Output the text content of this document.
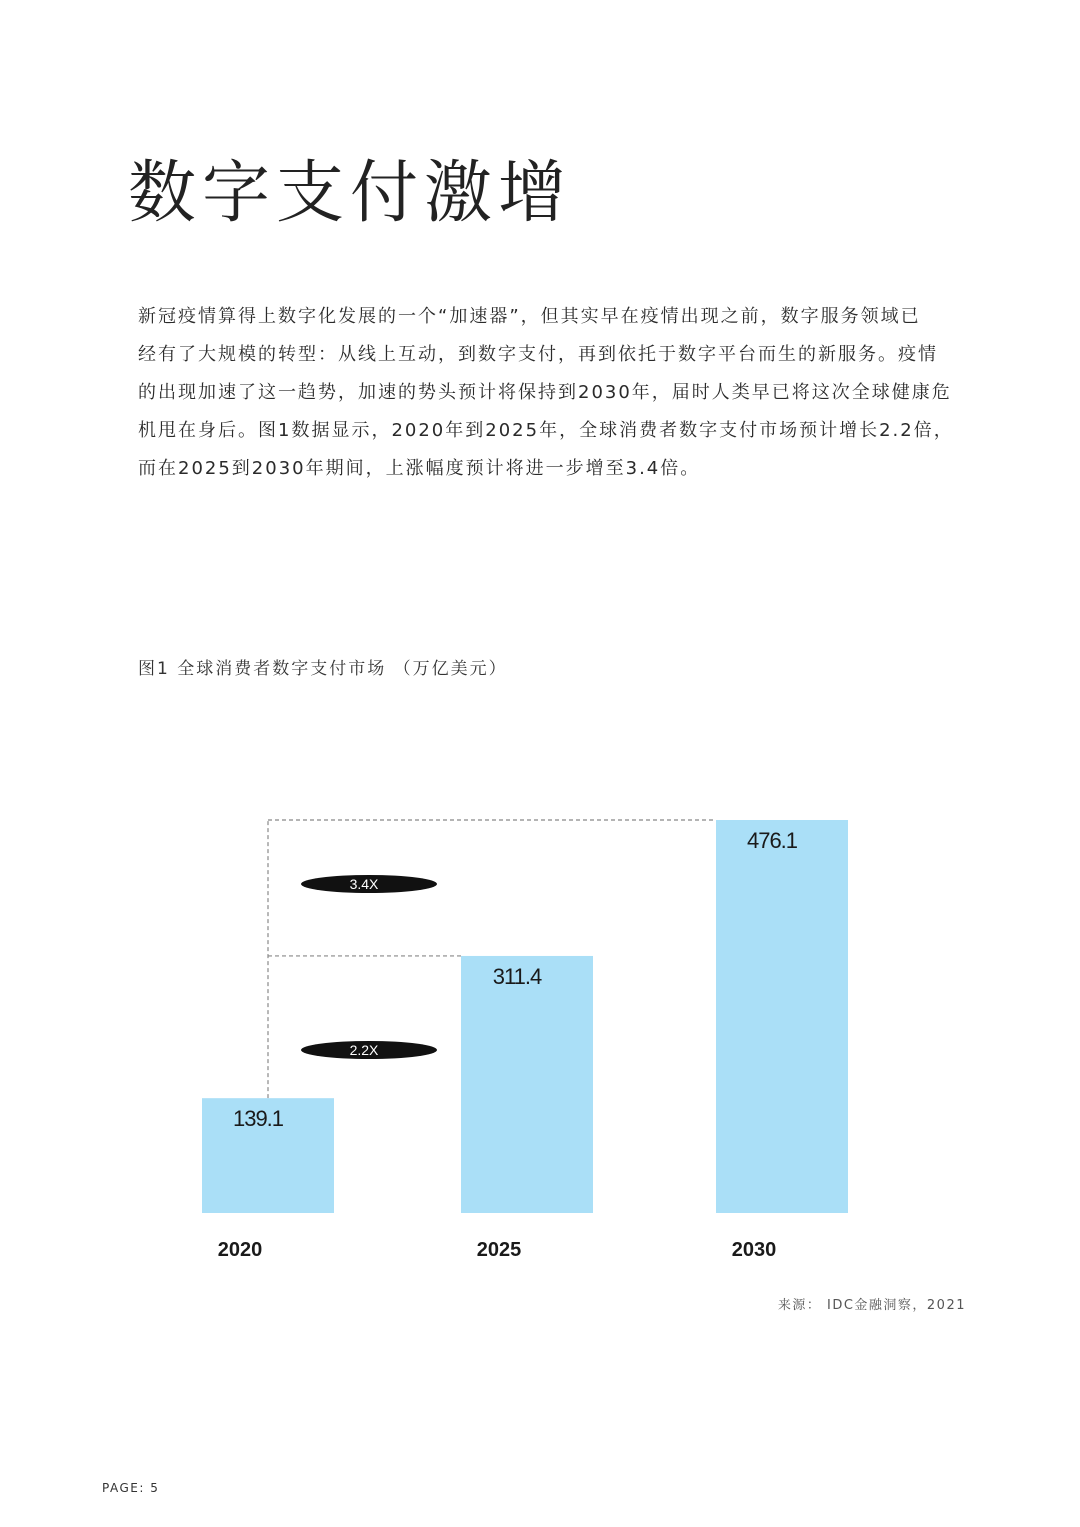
数字支付激增

新冠疫情算得上数字化发展的一个“加速器”，但其实早在疫情出现之前，数字服务领域已

经有了大规模的转型：从线上互动，到数字支付，再到依托于数字平台而生的新服务。疫情

的出现加速了这一趋势，加速的势头预计将保持到2030年，届时人类早已将这次全球健康危

机甩在身后。图1数据显示，2020年到2025年，全球消费者数字支付市场预计增长2.2倍，

而在2025到2030年期间，上涨幅度预计将进一步增至3.4倍。

图1 全球消费者数字支付市场 （万亿美元）
139.1
2020
311.4
2025
476.1
2030
2.2X
3.4X
来源： IDC金融洞察，2021
PAGE: 5
